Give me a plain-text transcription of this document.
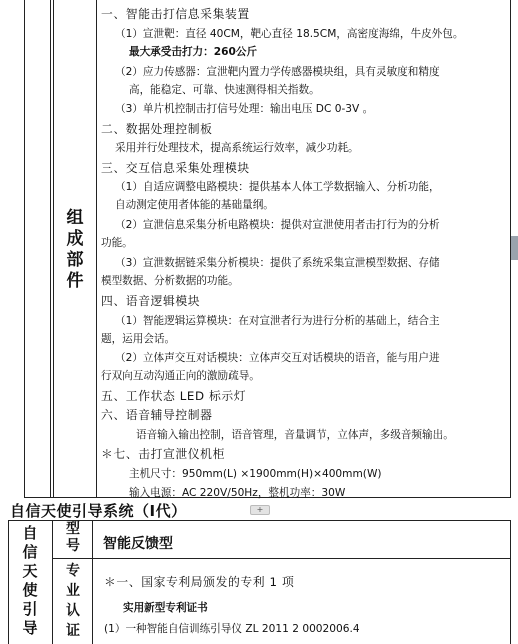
组
成
部
件
一、智能击打信息采集装置
（1）宣泄靶：直径 40CM，靶心直径 18.5CM，高密度海绵，牛皮外包。
最大承受击打力：260公斤
（2）应力传感器：宣泄靶内置力学传感器模块组，具有灵敏度和精度
高，能稳定、可靠、快速测得相关指数。
（3）单片机控制击打信号处理：输出电压 DC 0-3V 。
二、数据处理控制板
采用并行处理技术，提高系统运行效率，减少功耗。
三、交互信息采集处理模块
（1）自适应调整电路模块：提供基本人体工学数据输入、分析功能，
自动测定使用者体能的基础量纲。
（2）宣泄信息采集分析电路模块：提供对宣泄使用者击打行为的分析
功能。
（3）宣泄数据链采集分析模块：提供了系统采集宣泄模型数据、存储
模型数据、分析数据的功能。
四、语音逻辑模块
（1）智能逻辑运算模块：在对宣泄者行为进行分析的基础上，结合主
题，运用会话。
（2）立体声交互对话模块：立体声交互对话模块的语音，能与用户进
行双向互动沟通正向的激励疏导。
五、工作状态 LED 标示灯
六、语音辅导控制器
语音输入输出控制，语音管理，音量调节，立体声，多级音频输出。
＊七、击打宣泄仪机柜
主机尺寸：950mm(L) ×1900mm(H)×400mm(W)
输入电源：AC 220V/50Hz，整机功率：30W
+
自信天使引导系统（Ⅰ代）
自
信
天
使
引
导
型
号	智能反馈型
专
业
认
证
＊一、国家专利局颁发的专利 1 项
实用新型专利证书
(1）一种智能自信训练引导仪 ZL 2011 2 0002006.4
